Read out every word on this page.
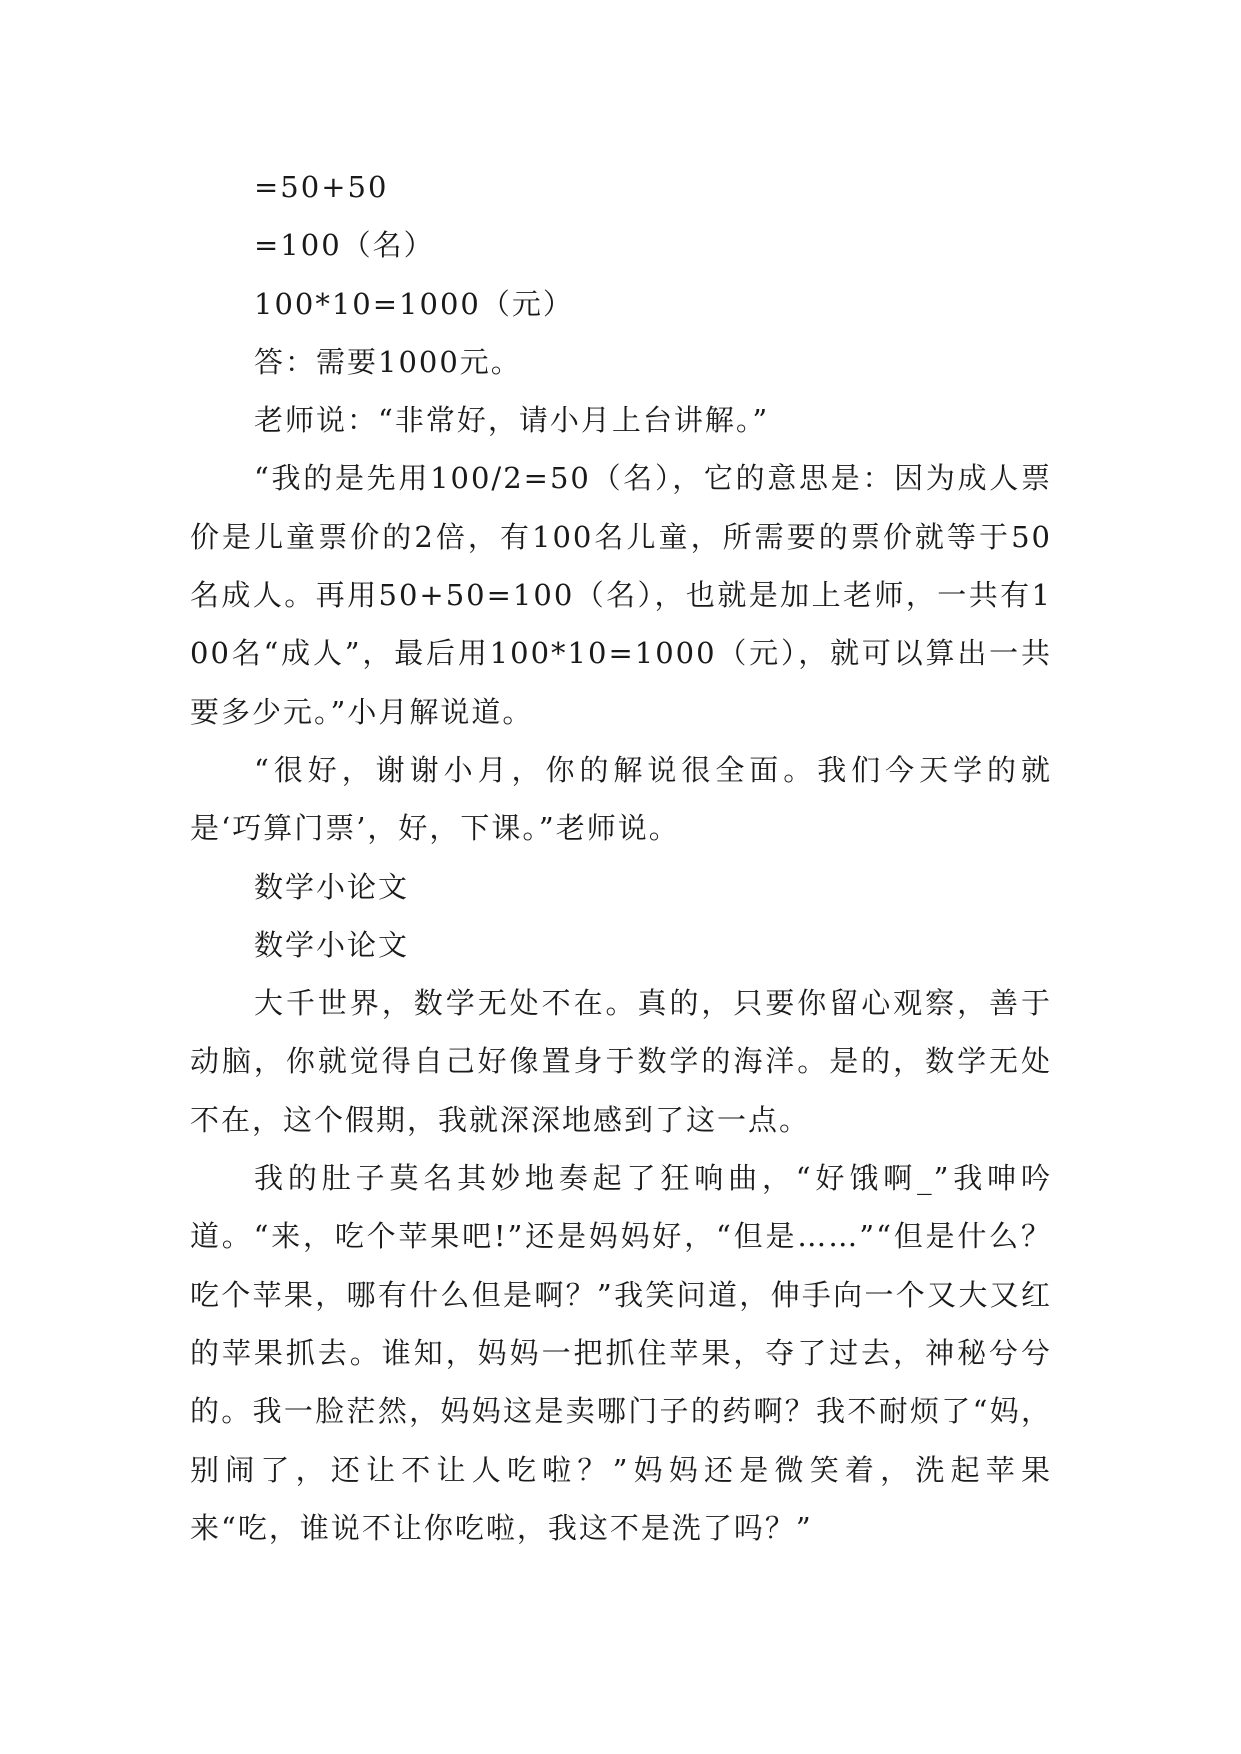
=50+50

=100（名）

100*10=1000（元）

答：需要1000元。

老师说：“非常好，请小月上台讲解。”

“我的是先用100/2=50（名），它的意思是：因为成人票价是儿童票价的2倍，有100名儿童，所需要的票价就等于50名成人。再用50+50=100（名），也就是加上老师，一共有100名“成人”，最后用100*10=1000（元），就可以算出一共要多少元。”小月解说道。

“很好，谢谢小月，你的解说很全面。我们今天学的就是‘巧算门票’，好，下课。”老师说。

数学小论文

数学小论文

大千世界，数学无处不在。真的，只要你留心观察，善于动脑，你就觉得自己好像置身于数学的海洋。是的，数学无处不在，这个假期，我就深深地感到了这一点。

我的肚子莫名其妙地奏起了狂响曲，“好饿啊_”我呻吟道。“来，吃个苹果吧!”还是妈妈好，“但是……”“但是什么？吃个苹果，哪有什么但是啊？”我笑问道，伸手向一个又大又红的苹果抓去。谁知，妈妈一把抓住苹果，夺了过去，神秘兮兮的。我一脸茫然，妈妈这是卖哪门子的药啊？我不耐烦了“妈，别闹了，还让不让人吃啦？”妈妈还是微笑着，洗起苹果来“吃，谁说不让你吃啦，我这不是洗了吗？”
